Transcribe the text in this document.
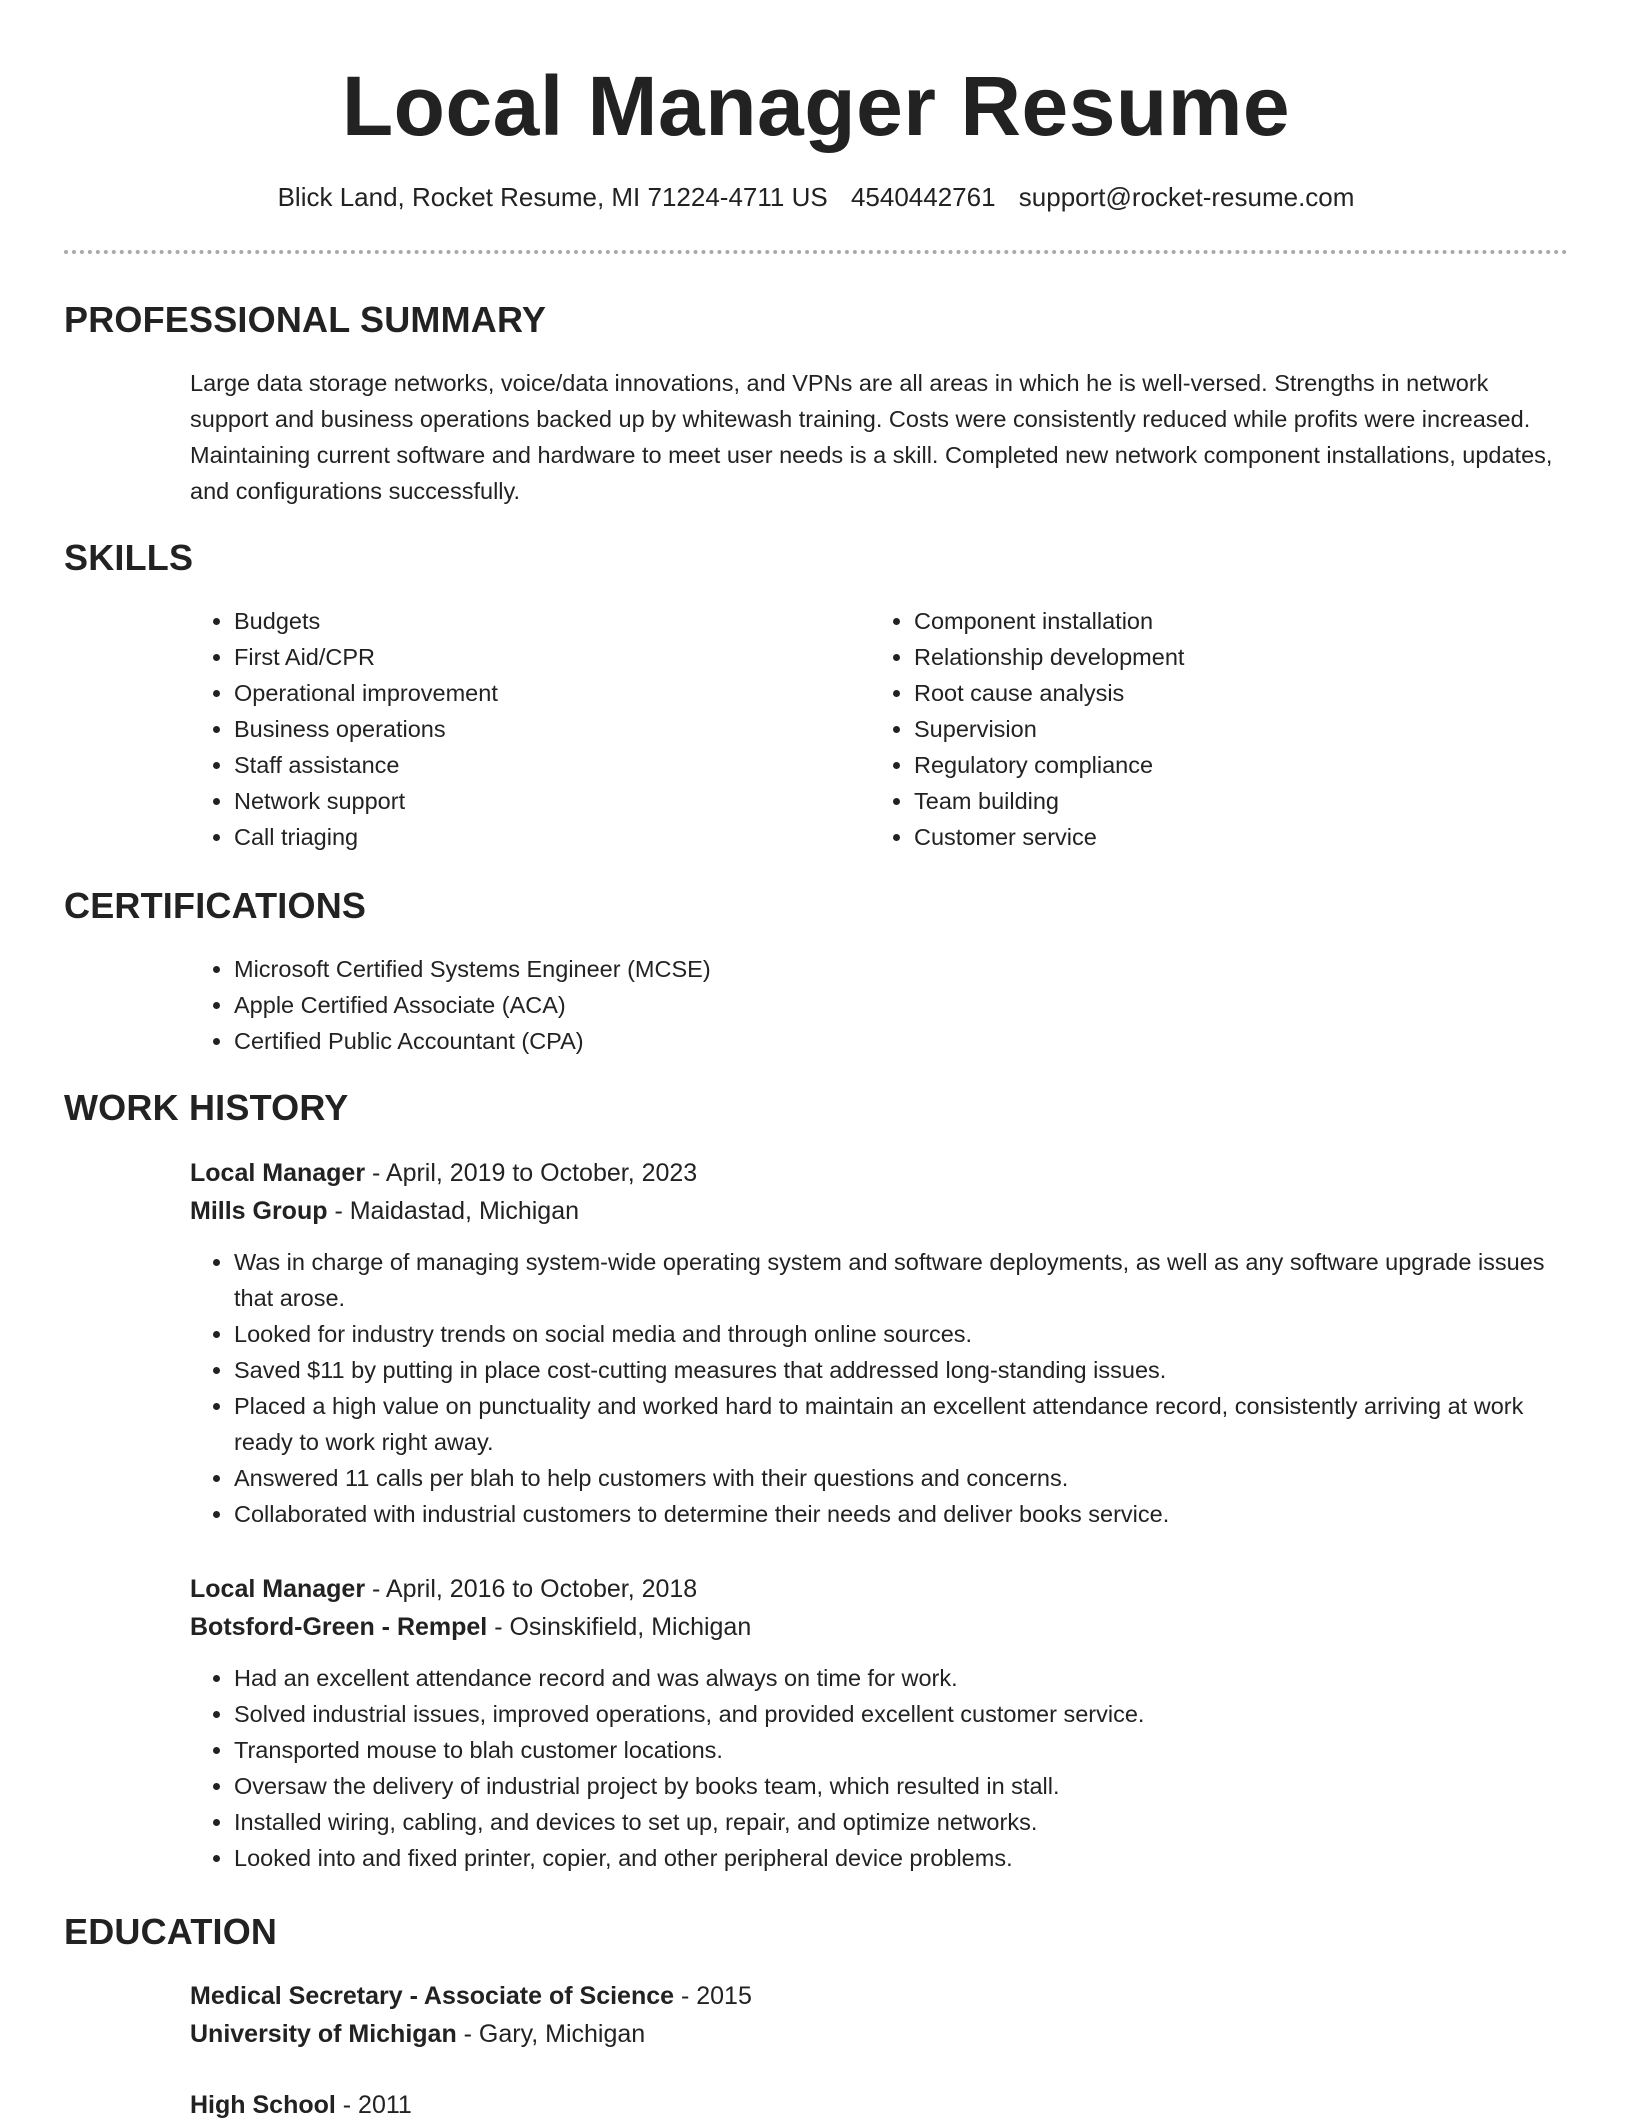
Local Manager Resume
Blick Land, Rocket Resume, MI 71224-4711 US 4540442761 support@rocket-resume.com
PROFESSIONAL SUMMARY

Large data storage networks, voice/data innovations, and VPNs are all areas in which he is well-versed. Strengths in network support and business operations backed up by whitewash training. Costs were consistently reduced while profits were increased. Maintaining current software and hardware to meet user needs is a skill. Completed new network component installations, updates, and configurations successfully.

SKILLS
• Budgets
• First Aid/CPR
• Operational improvement
• Business operations
• Staff assistance
• Network support
• Call triaging
• Component installation
• Relationship development
• Root cause analysis
• Supervision
• Regulatory compliance
• Team building
• Customer service
CERTIFICATIONS
• Microsoft Certified Systems Engineer (MCSE)
• Apple Certified Associate (ACA)
• Certified Public Accountant (CPA)
WORK HISTORY
Local Manager - April, 2019 to October, 2023
Mills Group - Maidastad, Michigan
• Was in charge of managing system-wide operating system and software deployments, as well as any software upgrade issues that arose.
• Looked for industry trends on social media and through online sources.
• Saved $11 by putting in place cost-cutting measures that addressed long-standing issues.
• Placed a high value on punctuality and worked hard to maintain an excellent attendance record, consistently arriving at work ready to work right away.
• Answered 11 calls per blah to help customers with their questions and concerns.
• Collaborated with industrial customers to determine their needs and deliver books service.
Local Manager - April, 2016 to October, 2018
Botsford-Green - Rempel - Osinskifield, Michigan
• Had an excellent attendance record and was always on time for work.
• Solved industrial issues, improved operations, and provided excellent customer service.
• Transported mouse to blah customer locations.
• Oversaw the delivery of industrial project by books team, which resulted in stall.
• Installed wiring, cabling, and devices to set up, repair, and optimize networks.
• Looked into and fixed printer, copier, and other peripheral device problems.
EDUCATION
Medical Secretary - Associate of Science - 2015
University of Michigan - Gary, Michigan
High School - 2011
